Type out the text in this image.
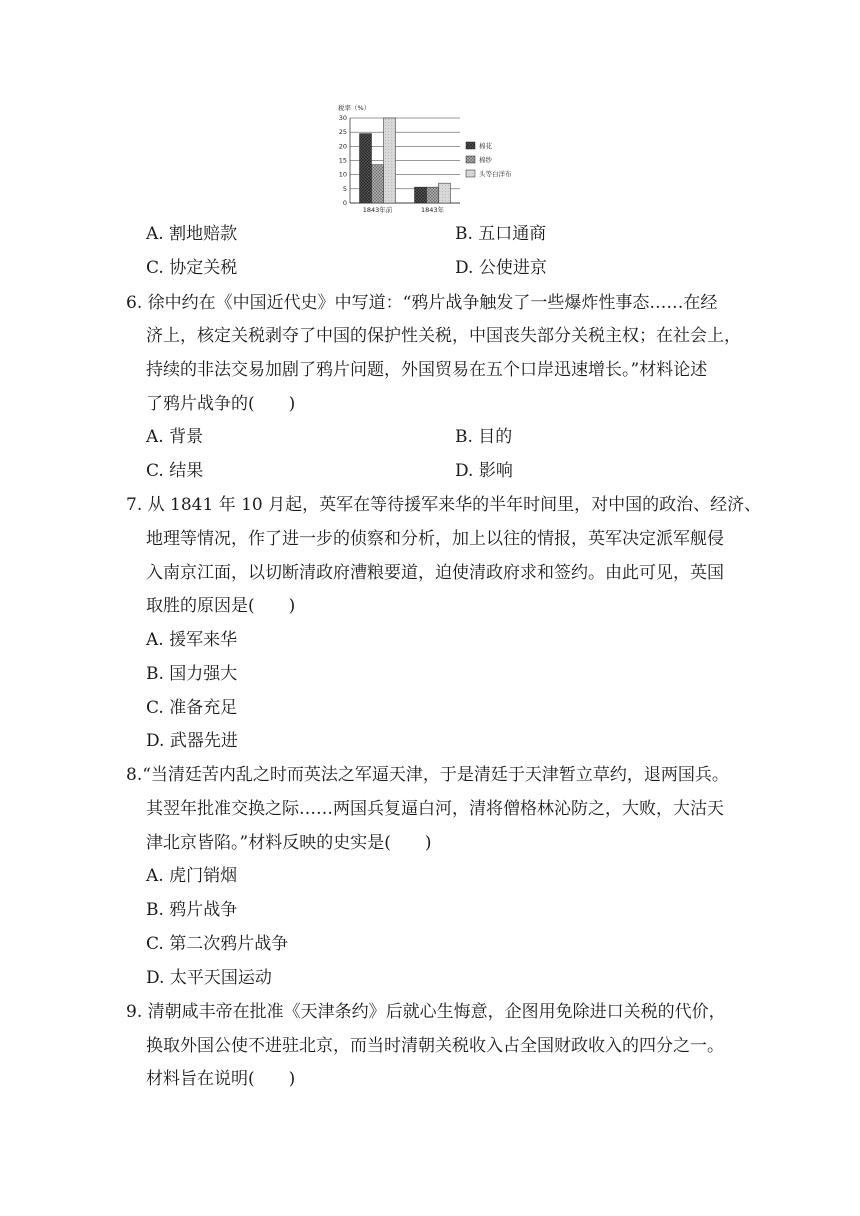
税率（%）
0
5
10
15
20
25
30
1843年前	1843年
棉花
棉纱
头等白洋布
A. 割地赔款	B. 五口通商
C. 协定关税	D. 公使进京
6. 徐中约在《中国近代史》中写道：“鸦片战争触发了一些爆炸性事态……在经
济上，核定关税剥夺了中国的保护性关税，中国丧失部分关税主权；在社会上，
持续的非法交易加剧了鸦片问题，外国贸易在五个口岸迅速增长。”材料论述
了鸦片战争的(　　)
A. 背景	B. 目的
C. 结果	D. 影响
7. 从 1841 年 10 月起，英军在等待援军来华的半年时间里，对中国的政治、经济、
地理等情况，作了进一步的侦察和分析，加上以往的情报，英军决定派军舰侵
入南京江面，以切断清政府漕粮要道，迫使清政府求和签约。由此可见，英国
取胜的原因是(　　)
A. 援军来华
B. 国力强大
C. 准备充足
D. 武器先进
8.“当清廷苦内乱之时而英法之军逼天津，于是清廷于天津暂立草约，退两国兵。
其翌年批准交换之际……两国兵复逼白河，清将僧格林沁防之，大败，大沽天
津北京皆陷。”材料反映的史实是(　　)
A. 虎门销烟
B. 鸦片战争
C. 第二次鸦片战争
D. 太平天国运动
9. 清朝咸丰帝在批准《天津条约》后就心生悔意，企图用免除进口关税的代价，
换取外国公使不进驻北京，而当时清朝关税收入占全国财政收入的四分之一。
材料旨在说明(　　)
